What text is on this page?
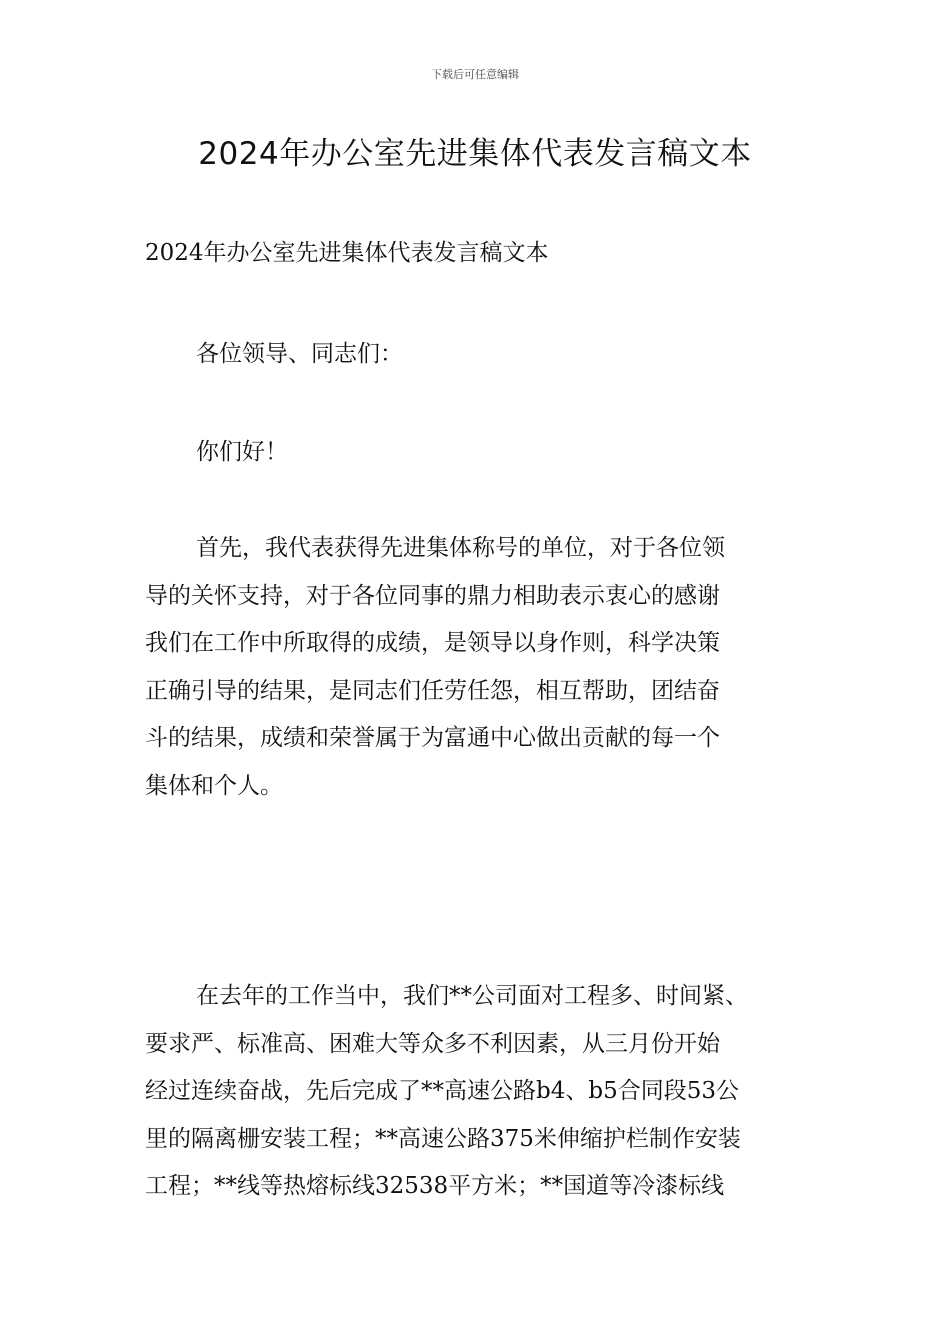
下载后可任意编辑
2024年办公室先进集体代表发言稿文本
2024年办公室先进集体代表发言稿文本
各位领导、同志们：
你们好！
首先，我代表获得先进集体称号的单位，对于各位领
导的关怀支持，对于各位同事的鼎力相助表示衷心的感谢
我们在工作中所取得的成绩，是领导以身作则，科学决策
正确引导的结果，是同志们任劳任怨，相互帮助，团结奋
斗的结果，成绩和荣誉属于为富通中心做出贡献的每一个
集体和个人。
在去年的工作当中，我们**公司面对工程多、时间紧、
要求严、标准高、困难大等众多不利因素，从三月份开始
经过连续奋战，先后完成了**高速公路b4、b5合同段53公
里的隔离栅安装工程；**高速公路375米伸缩护栏制作安装
工程；**线等热熔标线32538平方米；**国道等冷漆标线
